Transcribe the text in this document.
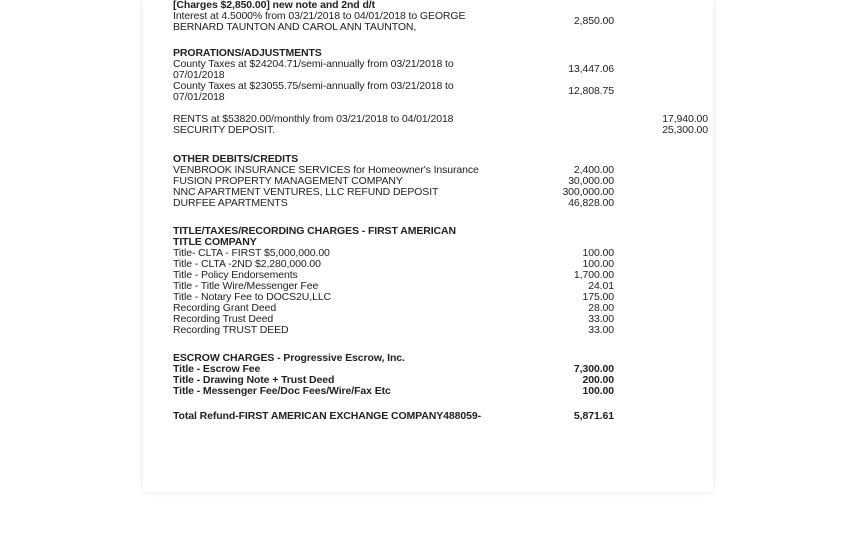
[Charges $2,850.00] new note and 2nd d/t
Interest at 4.5000% from 03/21/2018 to 04/01/2018 to GEORGE	2,850.00
BERNARD TAUNTON AND CAROL ANN TAUNTON,
PRORATIONS/ADJUSTMENTS
County Taxes at $24204.71/semi-annually from 03/21/2018 to	13,447.06
07/01/2018
County Taxes at $23055.75/semi-annually from 03/21/2018 to	12,808.75
07/01/2018
RENTS at $53820.00/monthly from 03/21/2018 to 04/01/2018	17,940.00
SECURITY DEPOSIT.	25,300.00
OTHER DEBITS/CREDITS
VENBROOK INSURANCE SERVICES for Homeowner's Insurance	2,400.00
FUSION PROPERTY MANAGEMENT COMPANY	30,000.00
NNC APARTMENT VENTURES, LLC REFUND DEPOSIT	300,000.00
DURFEE APARTMENTS	46,828.00
TITLE/TAXES/RECORDING CHARGES - FIRST AMERICAN
TITLE COMPANY
Title- CLTA - FIRST $5,000,000.00	100.00
Title - CLTA -2ND $2,280,000.00	100.00
Title - Policy Endorsements	1,700.00
Title - Title Wire/Messenger Fee	24.01
Title - Notary Fee to DOCS2U,LLC	175.00
Recording Grant Deed	28.00
Recording Trust Deed	33.00
Recording TRUST DEED	33.00
ESCROW CHARGES - Progressive Escrow, Inc.
Title - Escrow Fee	7,300.00
Title - Drawing Note + Trust Deed	200.00
Title - Messenger Fee/Doc Fees/Wire/Fax Etc	100.00
Total Refund-FIRST AMERICAN EXCHANGE COMPANY488059-	5,871.61
